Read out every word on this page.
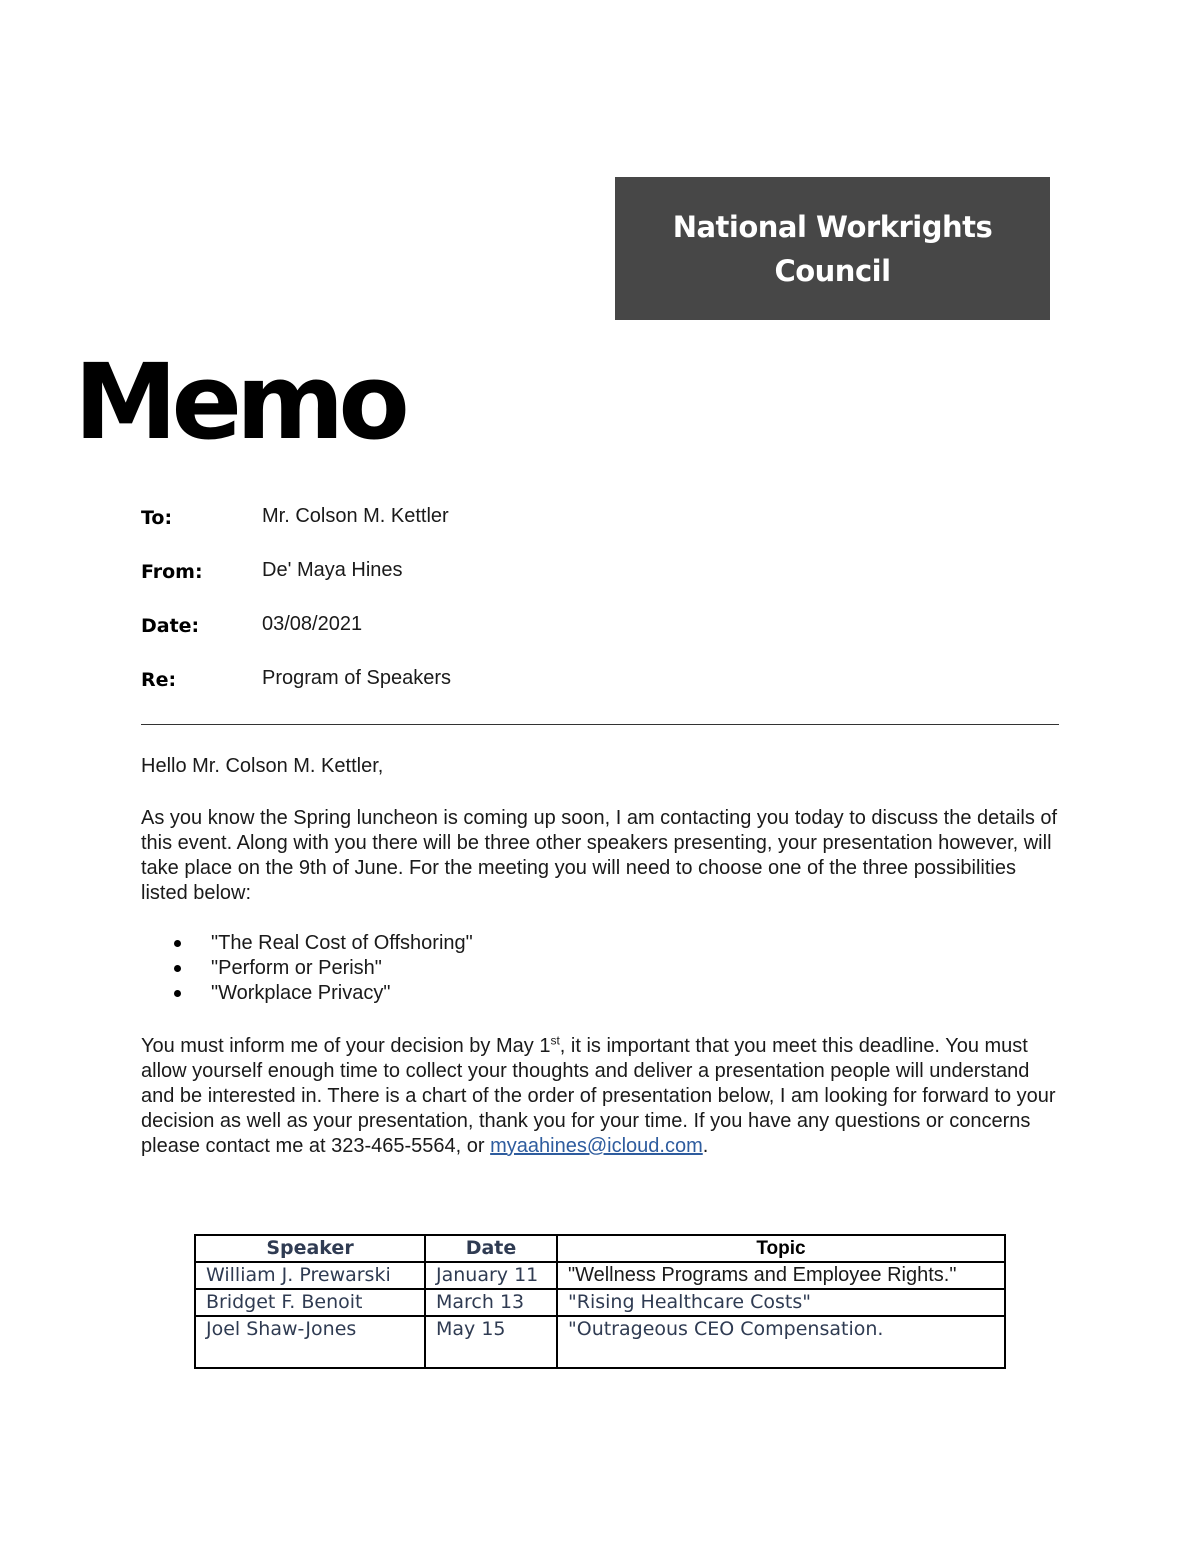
National Workrights Council
Memo
To:	Mr. Colson M. Kettler
From:	De' Maya Hines
Date:	03/08/2021
Re:	Program of Speakers

Hello Mr. Colson M. Kettler,

As you know the Spring luncheon is coming up soon, I am contacting you today to discuss the details of this event. Along with you there will be three other speakers presenting, your presentation however, will take place on the 9th of June. For the meeting you will need to choose one of the three possibilities listed below:

"The Real Cost of Offshoring"
"Perform or Perish"
"Workplace Privacy"

You must inform me of your decision by May 1st, it is important that you meet this deadline. You must allow yourself enough time to collect your thoughts and deliver a presentation people will understand and be interested in. There is a chart of the order of presentation below, I am looking for forward to your decision as well as your presentation, thank you for your time. If you have any questions or concerns please contact me at 323-465-5564, or myaahines@icloud.com.

Speaker	Date	Topic
William J. Prewarski	January 11	"Wellness Programs and Employee Rights."
Bridget F. Benoit	March 13	"Rising Healthcare Costs"
Joel Shaw-Jones	May 15	"Outrageous CEO Compensation.
